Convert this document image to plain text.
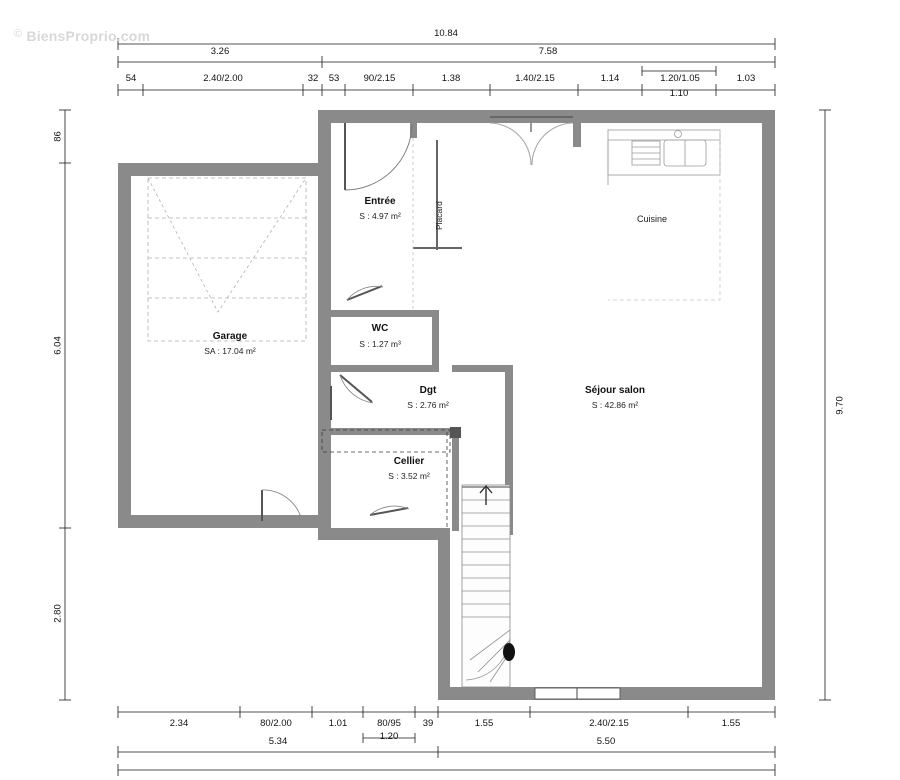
© BiensProprio.com
Garage
SA : 17.04 m²
Entrée
S : 4.97 m²
WC
S : 1.27 m³
Dgt
S : 2.76 m²
Cellier
S : 3.52 m²
Séjour salon
S : 42.86 m²
Cuisine
Placard
10.84
3.26	7.58
54	2.40/2.00	32	53	90/2.15	1.38	1.40/2.15	1.14	1.20/1.05	1.03
1.10
86
6.04
2.80
9.70
2.34	80/2.00	1.01	80/95	39	1.55	2.40/2.15	1.55
1.20
5.34	5.50
